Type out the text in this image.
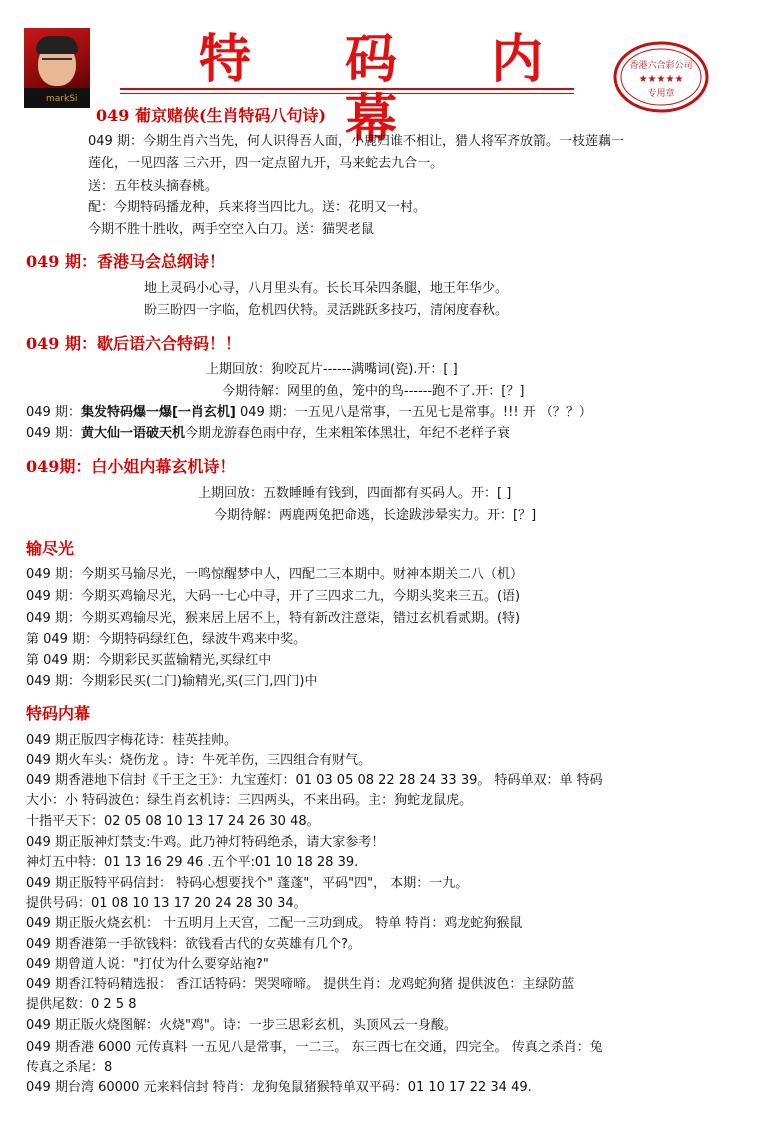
markSi
特 码 内 幕
香港六合彩公司
★★★★★
专用章
049 葡京赌侠(生肖特码八句诗)
049 期：今期生肖六当先，何人识得吾人面，小鹿归谁不相让，猎人将军齐放箭。一枝莲藕一
莲化，一见四落 三六开，四一定点留九开，马来蛇去九合一。
送：五年枝头摘春桃。
配：今期特码播龙种，兵来将当四比九。送：花明又一村。
今期不胜十胜收，两手空空入白刀。送：猫哭老鼠
049 期：香港马会总纲诗！
地上灵码小心寻，八月里头有。长长耳朵四条腿，地王年华少。
盼三盼四一字临，危机四伏特。灵活跳跃多技巧，清闲度春秋。
049 期：歇后语六合特码！！
上期回放：狗咬瓦片------满嘴词(瓷).开：[ ]
今期待解：网里的鱼，笼中的鸟------跑不了.开：[？]
049 期：集发特码爆一爆[一肖玄机] 049 期：一五见八是常事，一五见七是常事。!!! 开 （？？）
049 期：黄大仙一语破天机今期龙游春色雨中存，生来粗笨体黑壮，年纪不老样子衰
049期：白小姐内幕玄机诗！
上期回放：五数睡睡有钱到，四面都有买码人。开：[ ]
今期待解：两鹿两兔把命逃，长途跋涉晕实力。开：[？]
输尽光
049 期：今期买马输尽光，一鸣惊醒梦中人，四配二三本期中。财神本期关二八（机）
049 期：今期买鸡输尽光，大码一七心中寻，开了三四求二九，今期头奖来三五。(语)
049 期：今期买鸡输尽光，猴来居上居不上，特有新改注意柒，错过玄机看贰期。(特)
第 049 期：今期特码绿红色，绿波牛鸡来中奖。
第 049 期：今期彩民买蓝输精光,买绿红中
049 期：今期彩民买(二门)输精光,买(三门,四门)中
特码内幕
049 期正版四字梅花诗：桂英挂帅。
049 期火车头：烧伤龙 。诗：牛死羊伤，三四组合有财气。
049 期香港地下信封《千王之王》：九宝莲灯：01 03 05 08 22 28 24 33 39。 特码单双：单 特码
大小：小 特码波色：绿生肖玄机诗：三四两头，不来出码。主：狗蛇龙鼠虎。
十指平天下：02 05 08 10 13 17 24 26 30 48。
049 期正版神灯禁支:牛鸡。此乃神灯特码绝杀，请大家参考！
神灯五中特：01 13 16 29 46 .五个平:01 10 18 28 39.
049 期正版特平码信封： 特码心想要找个" 蓬蓬"，平码"四"， 本期：一九。
提供号码：01 08 10 13 17 20 24 28 30 34。
049 期正版火烧玄机： 十五明月上天宫，二配一三功到成。 特单 特肖：鸡龙蛇狗猴鼠
049 期香港第一手欲钱料：欲钱看古代的女英雄有几个?。
049 期曾道人说："打仗为什么要穿站袍?"
049 期香江特码精选报： 香江话特码：哭哭啼啼。 提供生肖：龙鸡蛇狗猪 提供波色：主绿防蓝
提供尾数：0 2 5 8
049 期正版火烧图解：火烧"鸡"。诗：一步三思彩玄机，头顶风云一身酸。
049 期香港 6000 元传真料 一五见八是常事，一二三。 东三西七在交通，四完全。 传真之杀肖：兔
传真之杀尾：8
049 期台湾 60000 元来料信封 特肖：龙狗兔鼠猪猴特单双平码：01 10 17 22 34 49.
